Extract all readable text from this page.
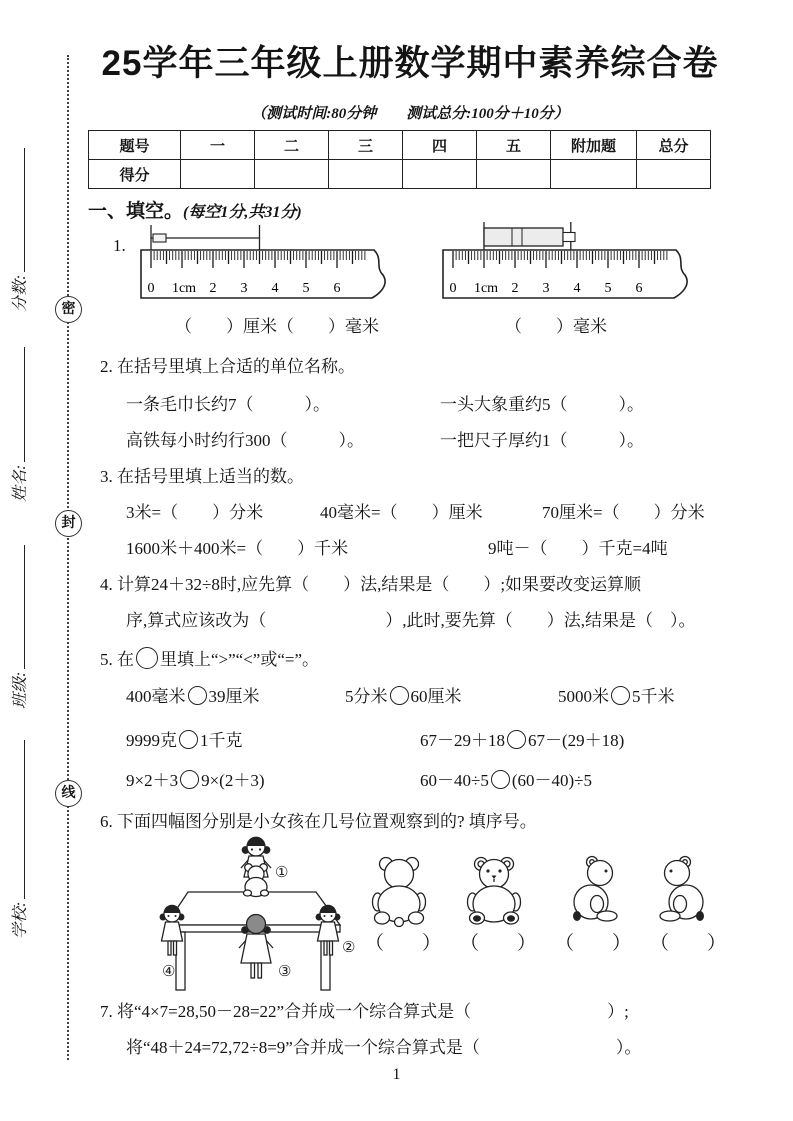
密
封
线
分数:
姓名:
班级:
学校:
25学年三年级上册数学期中素养综合卷
（测试时间:80分钟　　测试总分:100分＋10分）
题号	一	二	三	四	五	附加题	总分
得分							
一、填空。(每空1分,共31分)
1.
0 1cm 2 3 4 5 6	0 1cm 2 3 4 5 6
（　　）厘米（　　）毫米	（　　）毫米
2. 在括号里填上合适的单位名称。
一条毛巾长约7（　　　）。	一头大象重约5（　　　）。
高铁每小时约行300（　　　）。	一把尺子厚约1（　　　）。
3. 在括号里填上适当的数。
3米=（　　）分米	40毫米=（　　）厘米	70厘米=（　　）分米
1600米＋400米=（　　）千米	9吨－（　　）千克=4吨
4. 计算24＋32÷8时,应先算（　　）法,结果是（　　）;如果要改变运算顺
序,算式应该改为（　　　　　　　）,此时,要先算（　　）法,结果是（　）。
5. 在 里填上“>”“<”或“=”。
400毫米 39厘米	5分米 60厘米	5000米 5千米
9999克 1千克	67－29＋18 67－(29＋18)
9×2＋3 9×(2＋3)	60－40÷5 (60－40)÷5
6. 下面四幅图分别是小女孩在几号位置观察到的? 填序号。
①
④
②
③
（　　） （　　） （　　） （　　）
7. 将“4×7=28,50－28=22”合并成一个综合算式是（　　　　　　　　）;
将“48＋24=72,72÷8=9”合并成一个综合算式是（　　　　　　　　）。
1
